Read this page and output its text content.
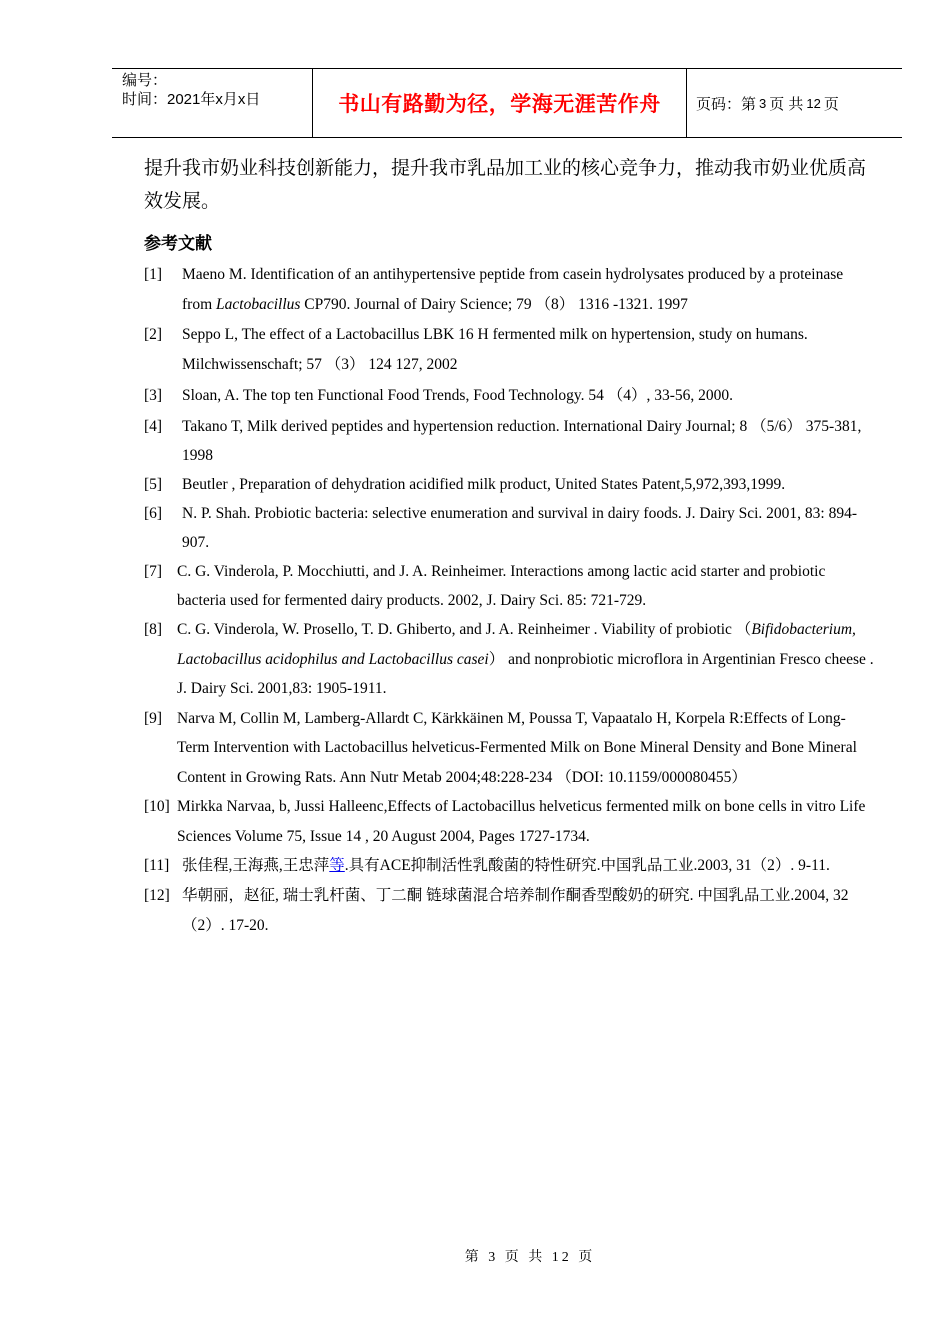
编号：
时间：2021年x月x日	书山有路勤为径，学海无涯苦作舟 页码：第 3 页 共 12 页
提升我市奶业科技创新能力，提升我市乳品加工业的核心竞争力，推动我市奶业优质高效发展。
参考文献
[1] Maeno M. Identification of an antihypertensive peptide from casein hydrolysates produced by a proteinase from Lactobacillus CP790. Journal of Dairy Science; 79 （8） 1316 -1321. 1997
[2] Seppo L, The effect of a Lactobacillus LBK 16 H fermented milk on hypertension, study on humans. Milchwissenschaft; 57 （3） 124 127, 2002
[3] Sloan, A. The top ten Functional Food Trends, Food Technology. 54 （4）, 33-56, 2000.
[4] Takano T, Milk derived peptides and hypertension reduction. International Dairy Journal; 8 （5/6） 375-381, 1998
[5] Beutler , Preparation of dehydration acidified milk product, United States Patent,5,972,393,1999.
[6] N. P. Shah. Probiotic bacteria: selective enumeration and survival in dairy foods. J. Dairy Sci. 2001, 83: 894-907.
[7] C. G. Vinderola, P. Mocchiutti, and J. A. Reinheimer. Interactions among lactic acid starter and probiotic bacteria used for fermented dairy products. 2002, J. Dairy Sci. 85: 721-729.
[8] C. G. Vinderola, W. Prosello, T. D. Ghiberto, and J. A. Reinheimer . Viability of probiotic （Bifidobacterium, Lactobacillus acidophilus and Lactobacillus casei） and nonprobiotic microflora in Argentinian Fresco cheese . J. Dairy Sci. 2001,83: 1905-1911.
[9] Narva M, Collin M, Lamberg-Allardt C, Kärkkäinen M, Poussa T, Vapaatalo H, Korpela R:Effects of Long-Term Intervention with Lactobacillus helveticus-Fermented Milk on Bone Mineral Density and Bone Mineral Content in Growing Rats. Ann Nutr Metab 2004;48:228-234 （DOI: 10.1159/000080455）
[10] Mirkka Narvaa, b, Jussi Halleenc,Effects of Lactobacillus helveticus fermented milk on bone cells in vitro Life Sciences Volume 75, Issue 14 , 20 August 2004, Pages 1727-1734.
[11] 张佳程,王海燕,王忠萍等.具有ACE抑制活性乳酸菌的特性研究.中国乳品工业.2003, 31（2）. 9-11.
[12] 华朝丽，赵征, 瑞士乳杆菌、丁二酮 链球菌混合培养制作酮香型酸奶的研究. 中国乳品工业.2004, 32（2）. 17-20.
第 3 页 共 12 页
